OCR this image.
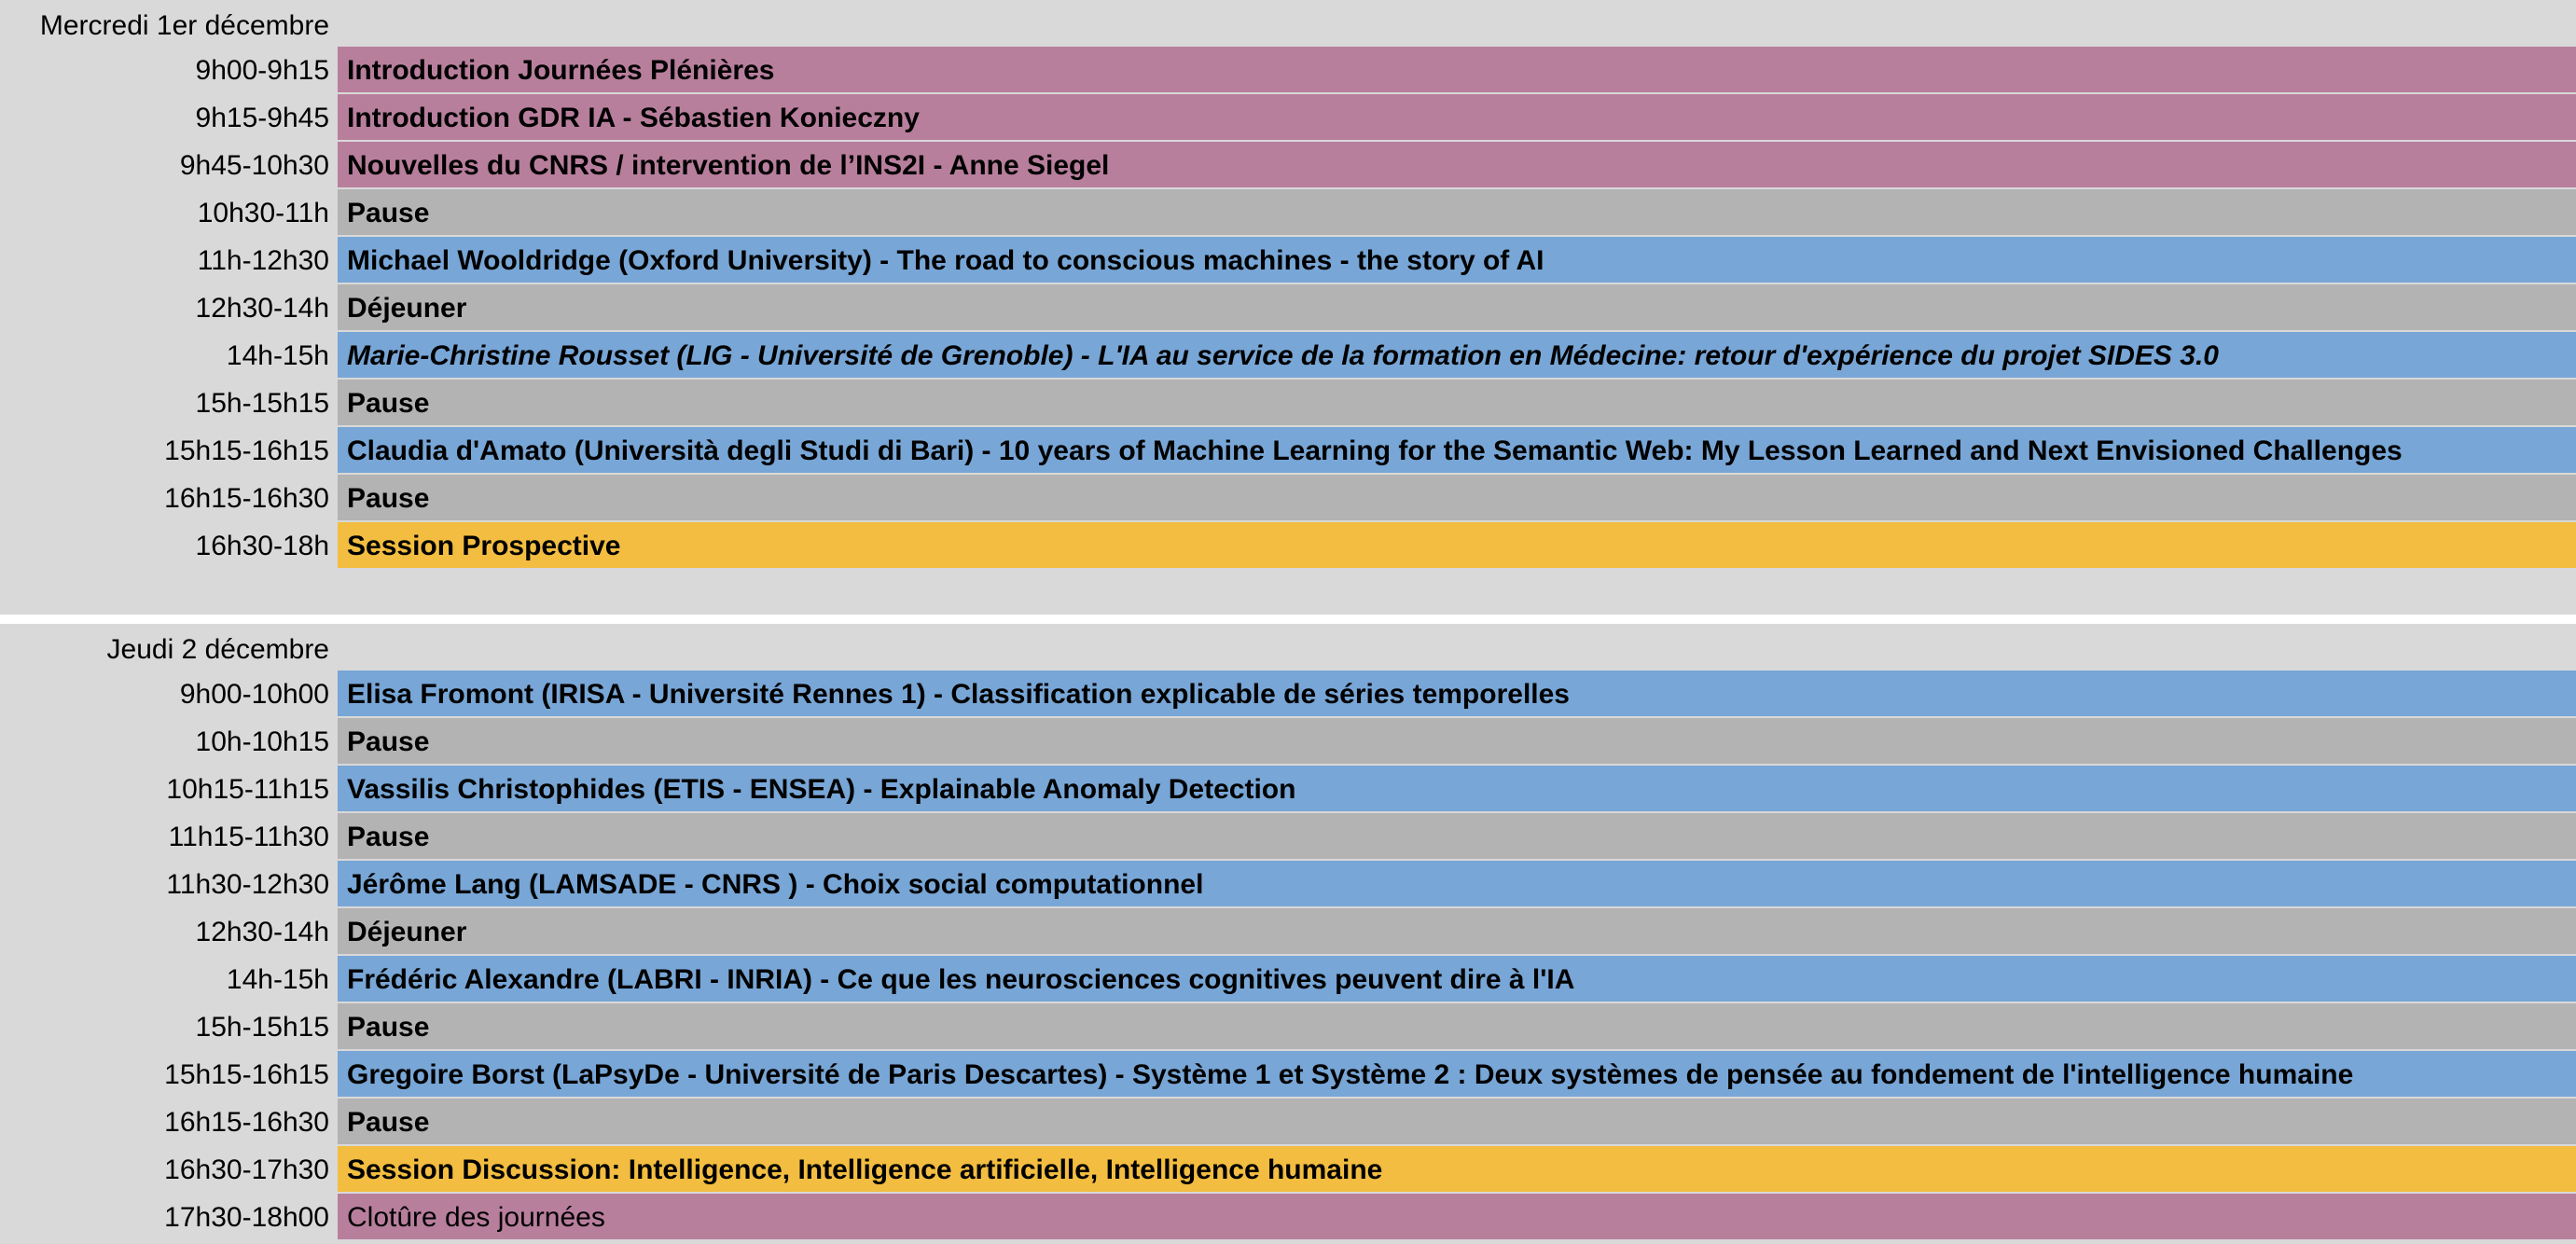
Mercredi 1er décembre
9h00-9h15 Introduction Journées Plénières
9h15-9h45 Introduction GDR IA - Sébastien Konieczny
9h45-10h30 Nouvelles du CNRS / intervention de l’INS2I - Anne Siegel
10h30-11h Pause
11h-12h30 Michael Wooldridge (Oxford University) - The road to conscious machines - the story of AI
12h30-14h Déjeuner
14h-15h Marie-Christine Rousset (LIG - Université de Grenoble) - L'IA au service de la formation en Médecine: retour d'expérience du projet SIDES 3.0
15h-15h15 Pause
15h15-16h15 Claudia d'Amato (Università degli Studi di Bari) - 10 years of Machine Learning for the Semantic Web: My Lesson Learned and Next Envisioned Challenges
16h15-16h30 Pause
16h30-18h Session Prospective
Jeudi 2 décembre
9h00-10h00 Elisa Fromont (IRISA - Université Rennes 1) - Classification explicable de séries temporelles
10h-10h15 Pause
10h15-11h15 Vassilis Christophides (ETIS - ENSEA) - Explainable Anomaly Detection
11h15-11h30 Pause
11h30-12h30 Jérôme Lang (LAMSADE - CNRS ) - Choix social computationnel
12h30-14h Déjeuner
14h-15h Frédéric Alexandre (LABRI - INRIA) - Ce que les neurosciences cognitives peuvent dire à l'IA
15h-15h15 Pause
15h15-16h15 Gregoire Borst (LaPsyDe - Université de Paris Descartes) - Système 1 et Système 2 : Deux systèmes de pensée au fondement de l'intelligence humaine
16h15-16h30 Pause
16h30-17h30 Session Discussion: Intelligence, Intelligence artificielle, Intelligence humaine
17h30-18h00 Clotûre des journées
